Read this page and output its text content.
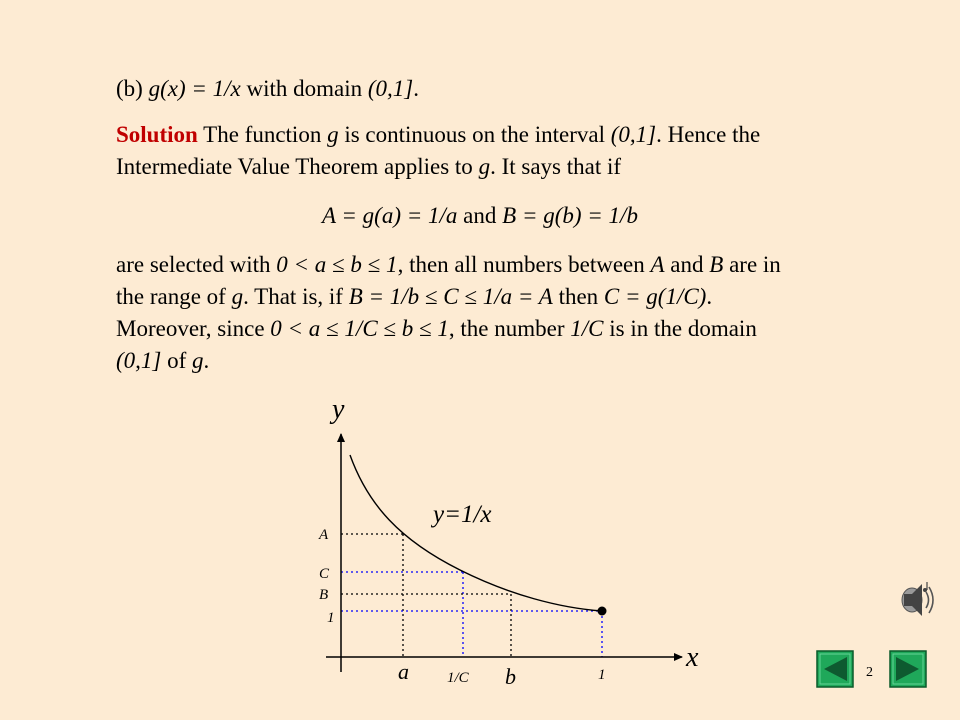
(b) g(x) = 1/x with domain (0,1].
Solution The function g is continuous on the interval (0,1]. Hence the
Intermediate Value Theorem applies to g. It says that if
A = g(a) = 1/a and B = g(b) = 1/b
are selected with 0 < a ≤ b ≤ 1, then all numbers between A and B are in
the range of g. That is, if B = 1/b ≤ C ≤ 1/a = A then C = g(1/C).
Moreover, since 0 < a ≤ 1/C ≤ b ≤ 1, the number 1/C is in the domain
(0,1] of g.
y
x
y=1/x
A
C
B
1
a	1/C b	1	2
